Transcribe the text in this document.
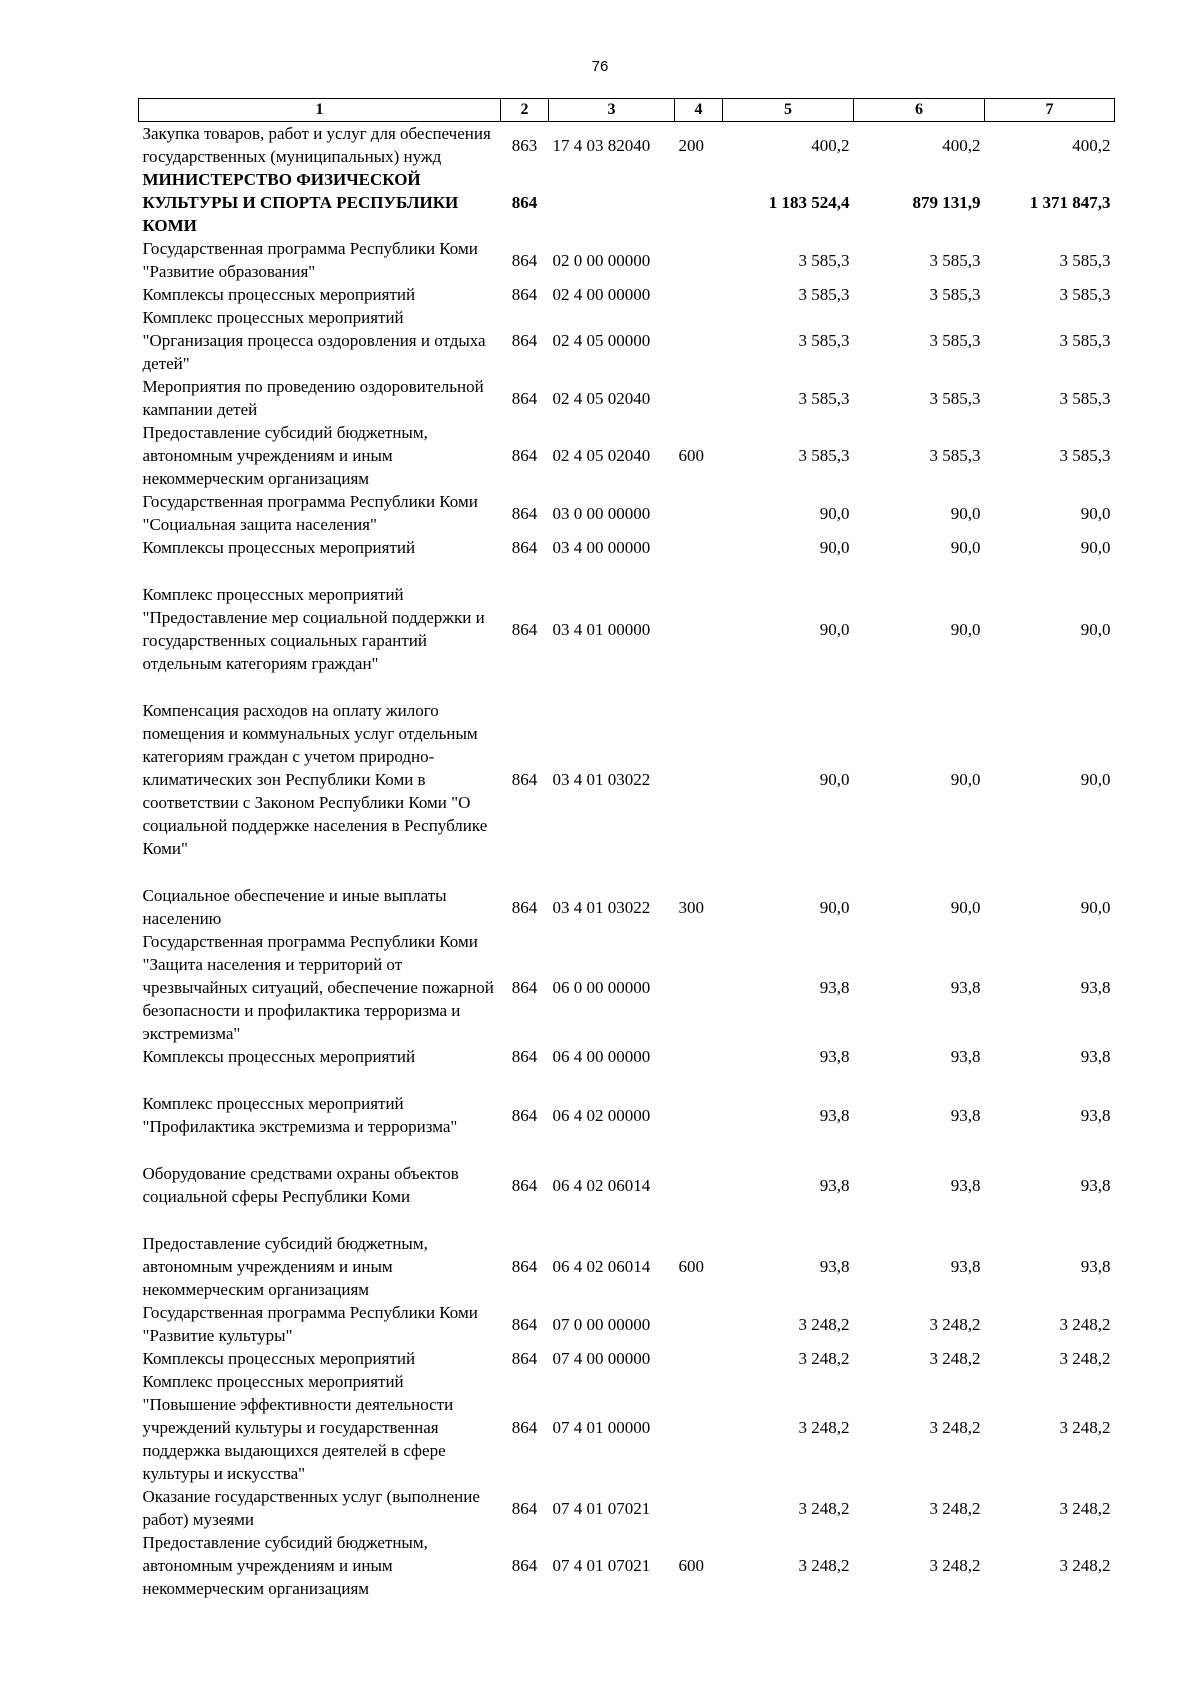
76
1	2	3	4	5	6	7
Закупка товаров, работ и услуг для обеспечения государственных (муниципальных) нужд	863	17 4 03 82040	200	400,2	400,2	400,2
МИНИСТЕРСТВО ФИЗИЧЕСКОЙ КУЛЬТУРЫ И СПОРТА РЕСПУБЛИКИ КОМИ	864			1 183 524,4	879 131,9	1 371 847,3
Государственная программа Республики Коми "Развитие образования"	864	02 0 00 00000		3 585,3	3 585,3	3 585,3
Комплексы процессных мероприятий	864	02 4 00 00000		3 585,3	3 585,3	3 585,3
Комплекс процессных мероприятий "Организация процесса оздоровления и отдыха детей"	864	02 4 05 00000		3 585,3	3 585,3	3 585,3
Мероприятия по проведению оздоровительной кампании детей	864	02 4 05 02040		3 585,3	3 585,3	3 585,3
Предоставление субсидий бюджетным, автономным учреждениям и иным некоммерческим организациям	864	02 4 05 02040	600	3 585,3	3 585,3	3 585,3
Государственная программа Республики Коми "Социальная защита населения"	864	03 0 00 00000		90,0	90,0	90,0
Комплексы процессных мероприятий	864	03 4 00 00000		90,0	90,0	90,0
Комплекс процессных мероприятий "Предоставление мер социальной поддержки и государственных социальных гарантий отдельным категориям граждан"	864	03 4 01 00000		90,0	90,0	90,0
Компенсация расходов на оплату жилого помещения и коммунальных услуг отдельным категориям граждан с учетом природно-климатических зон Республики Коми в соответствии с Законом Республики Коми "О социальной поддержке населения в Республике Коми"	864	03 4 01 03022		90,0	90,0	90,0
Социальное обеспечение и иные выплаты населению	864	03 4 01 03022	300	90,0	90,0	90,0
Государственная программа Республики Коми "Защита населения и территорий от чрезвычайных ситуаций, обеспечение пожарной безопасности и профилактика терроризма и экстремизма"	864	06 0 00 00000		93,8	93,8	93,8
Комплексы процессных мероприятий	864	06 4 00 00000		93,8	93,8	93,8
Комплекс процессных мероприятий "Профилактика экстремизма и терроризма"	864	06 4 02 00000		93,8	93,8	93,8
Оборудование средствами охраны объектов социальной сферы Республики Коми	864	06 4 02 06014		93,8	93,8	93,8
Предоставление субсидий бюджетным, автономным учреждениям и иным некоммерческим организациям	864	06 4 02 06014	600	93,8	93,8	93,8
Государственная программа Республики Коми "Развитие культуры"	864	07 0 00 00000		3 248,2	3 248,2	3 248,2
Комплексы процессных мероприятий	864	07 4 00 00000		3 248,2	3 248,2	3 248,2
Комплекс процессных мероприятий "Повышение эффективности деятельности учреждений культуры и государственная поддержка выдающихся деятелей в сфере культуры и искусства"	864	07 4 01 00000		3 248,2	3 248,2	3 248,2
Оказание государственных услуг (выполнение работ) музеями	864	07 4 01 07021		3 248,2	3 248,2	3 248,2
Предоставление субсидий бюджетным, автономным учреждениям и иным некоммерческим организациям	864	07 4 01 07021	600	3 248,2	3 248,2	3 248,2
